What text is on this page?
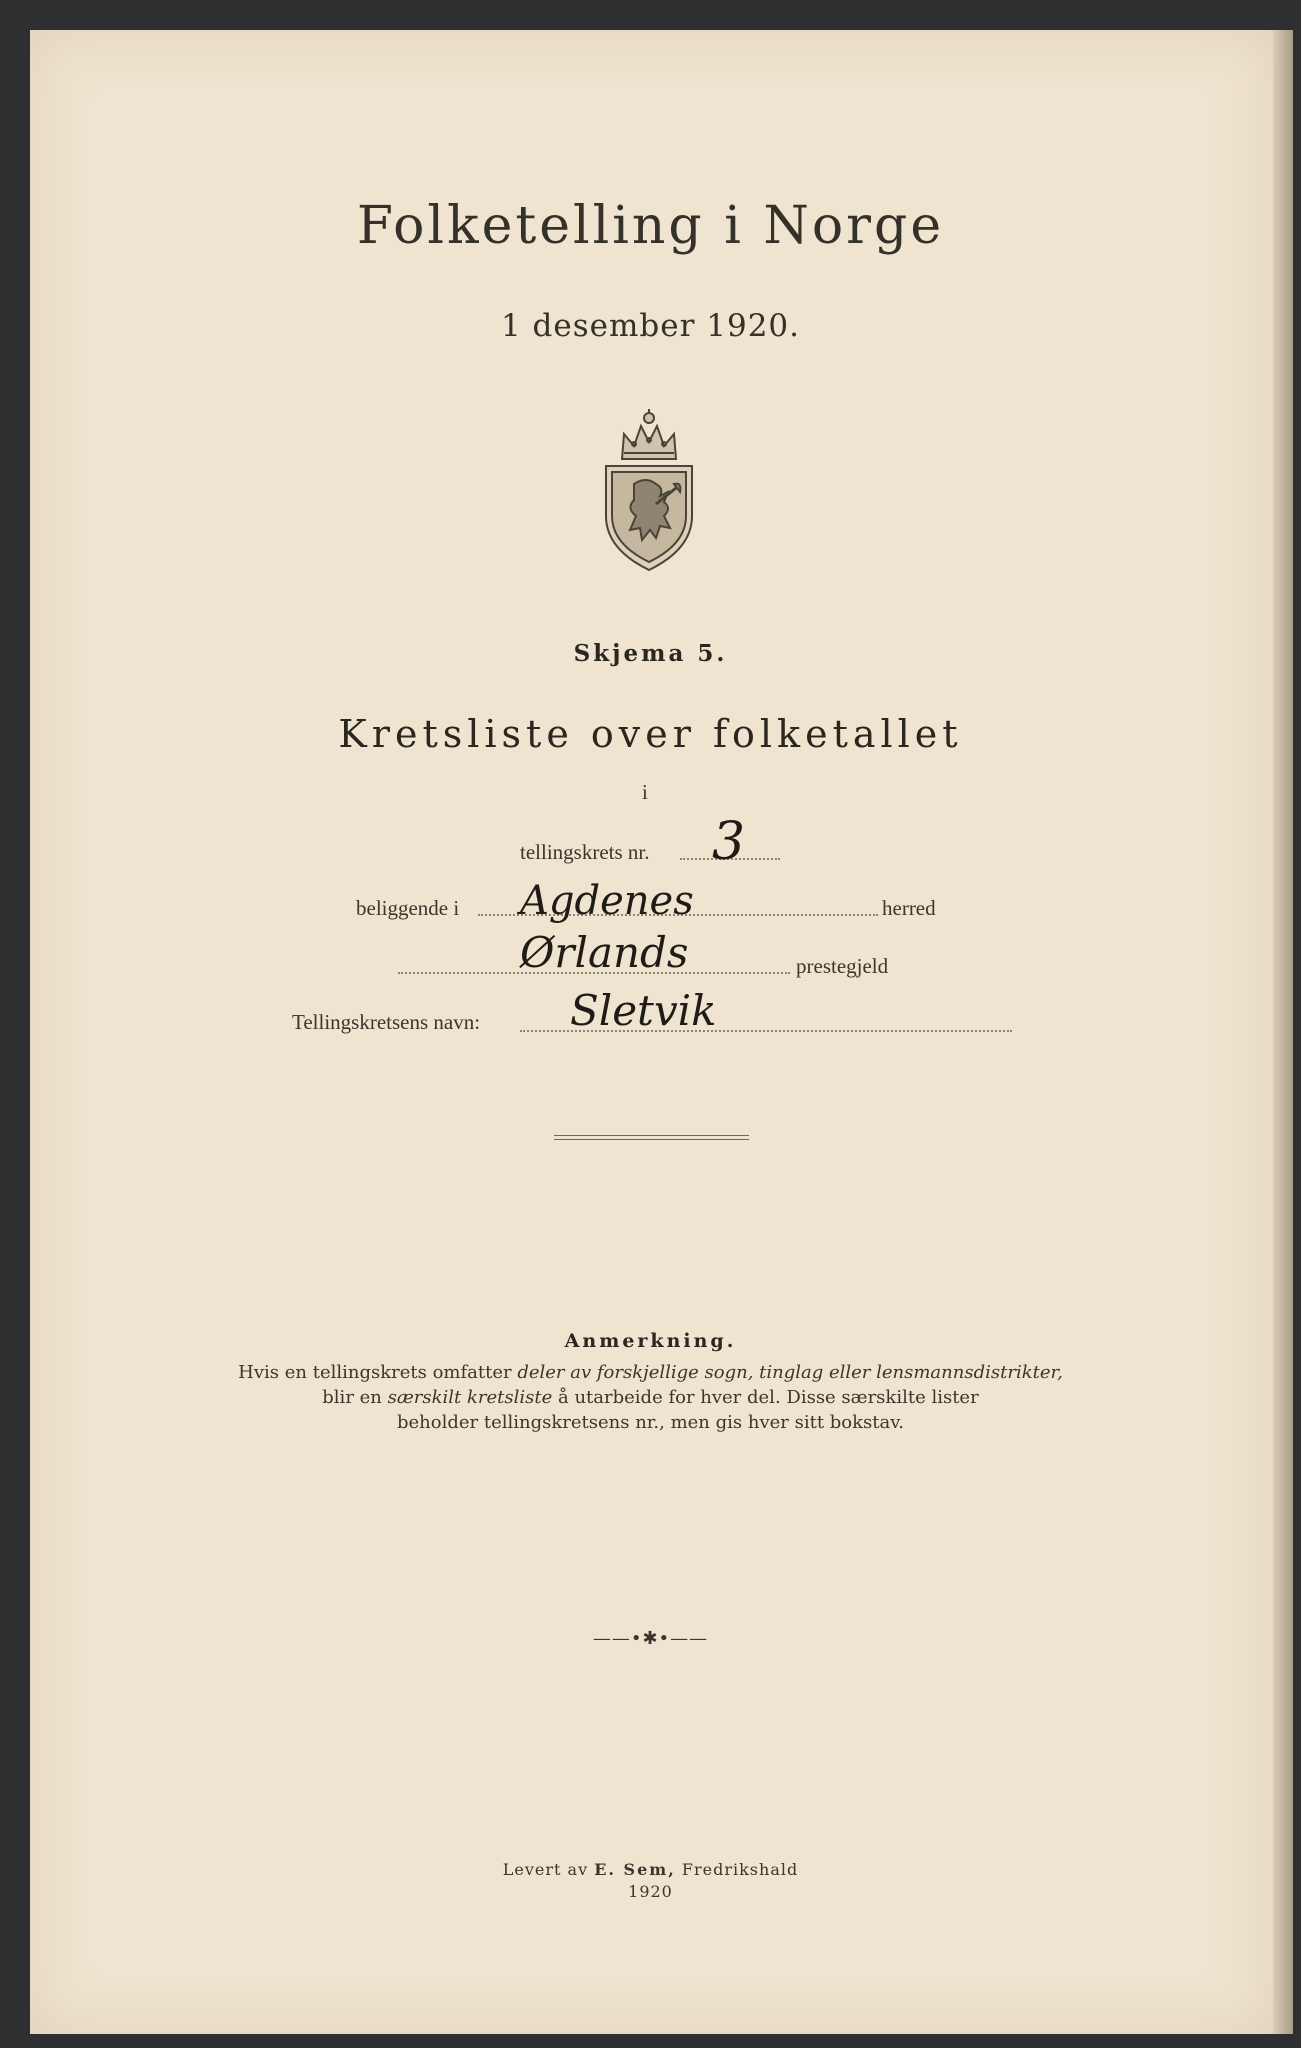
Folketelling i Norge
1 desember 1920.
Skjema 5.
Kretsliste over folketallet
i
tellingskrets nr. 3
beliggende i Agdenes	herred
Ørlands	prestegjeld
Tellingskretsens navn: Sletvik
Anmerkning.
Hvis en tellingskrets omfatter deler av forskjellige sogn, tinglag eller lensmannsdistrikter,
blir en særskilt kretsliste å utarbeide for hver del. Disse særskilte lister
beholder tellingskretsens nr., men gis hver sitt bokstav.
——•✱•——
Levert av E. Sem, Fredrikshald
1920
